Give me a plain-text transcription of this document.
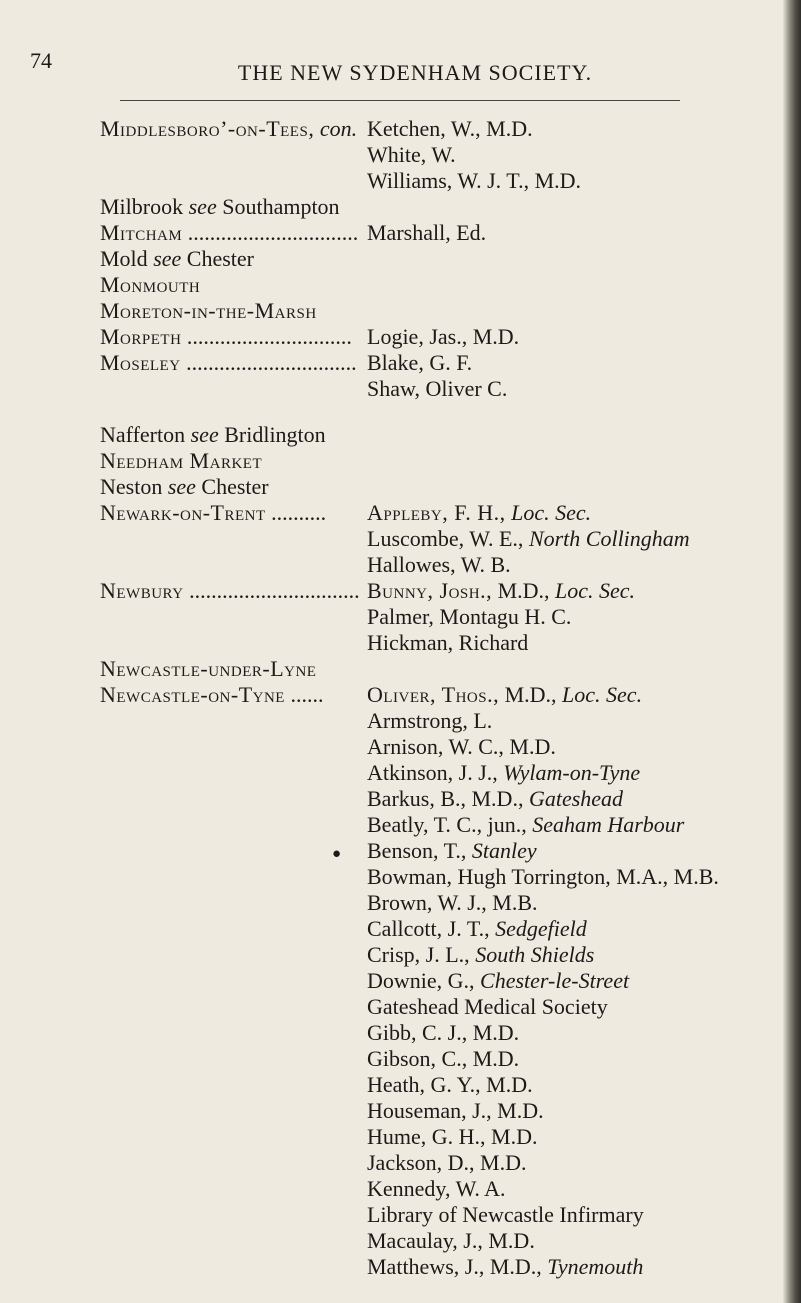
74	THE NEW SYDENHAM SOCIETY.
Middlesboro’-on-Tees, con. Ketchen, W., M.D.
White, W.
Williams, W. J. T., M.D.
Milbrook see Southampton
Mitcham ............................... Marshall, Ed.
Mold see Chester
Monmouth
Moreton-in-the-Marsh
Morpeth .............................. Logie, Jas., M.D.
Moseley ............................... Blake, G. F.
Shaw, Oliver C.
Nafferton see Bridlington
Needham Market
Neston see Chester
Newark-on-Trent .......... Appleby, F. H., Loc. Sec.
Luscombe, W. E., North Collingham
Hallowes, W. B.
Newbury ............................... Bunny, Josh., M.D., Loc. Sec.
Palmer, Montagu H. C.
Hickman, Richard
Newcastle-under-Lyne
Newcastle-on-Tyne ...... Oliver, Thos., M.D., Loc. Sec.
Armstrong, L.
Arnison, W. C., M.D.
Atkinson, J. J., Wylam-on-Tyne
Barkus, B., M.D., Gateshead
Beatly, T. C., jun., Seaham Harbour
● Benson, T., Stanley
Bowman, Hugh Torrington, M.A., M.B.
Brown, W. J., M.B.
Callcott, J. T., Sedgefield
Crisp, J. L., South Shields
Downie, G., Chester-le-Street
Gateshead Medical Society
Gibb, C. J., M.D.
Gibson, C., M.D.
Heath, G. Y., M.D.
Houseman, J., M.D.
Hume, G. H., M.D.
Jackson, D., M.D.
Kennedy, W. A.
Library of Newcastle Infirmary
Macaulay, J., M.D.
Matthews, J., M.D., Tynemouth
